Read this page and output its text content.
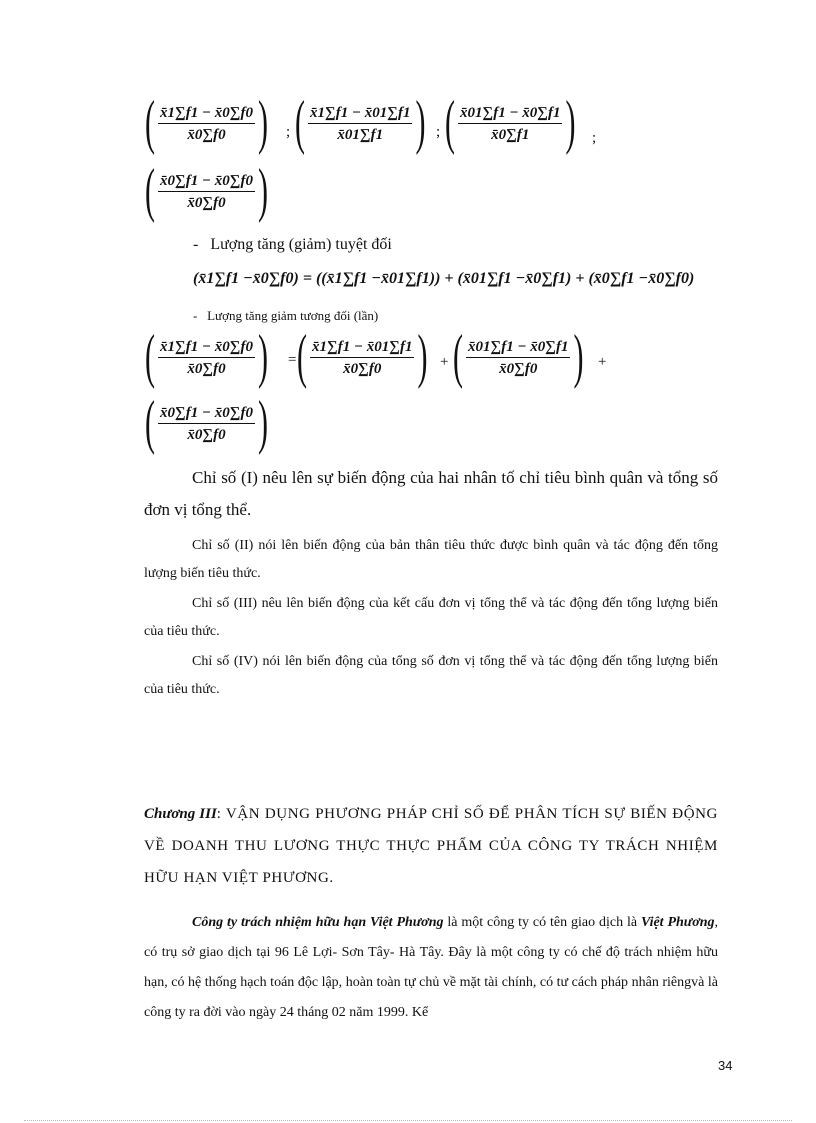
( $\frac{x̄1\sum f1 - x̄0\sum f0}{x̄0\sum f0}$ ) ; ( $\frac{x̄1\sum f1 - x̄01\sum f1}{x̄01\sum f1}$ ) ; ( $\frac{x̄01\sum f1 - x̄0\sum f1}{x̄0\sum f1}$ ) ;
( $\frac{x̄0\sum f1 - x̄0\sum f0}{x̄0\sum f0}$ )
-   Lượng tăng (giảm) tuyệt đối
(x̄1∑f1 −x̄0∑f0) = ((x̄1∑f1 −x̄01∑f1)) + (x̄01∑f1 −x̄0∑f1) + (x̄0∑f1 −x̄0∑f0)
-   Lượng tăng giảm tương đối (lần)
( $\frac{x̄1\sum f1 - x̄0\sum f0}{x̄0\sum f0}$ ) = ( $\frac{x̄1\sum f1 - x̄01\sum f1}{x̄0\sum f0}$ ) + ( $\frac{x̄01\sum f1 - x̄0\sum f1}{x̄0\sum f0}$ ) +
( $\frac{x̄0\sum f1 - x̄0\sum f0}{x̄0\sum f0}$ )
Chỉ số (I) nêu lên sự biến động của hai nhân tố chỉ tiêu bình quân và tổng số đơn vị tổng thể.
Chỉ số (II) nói lên biến động của bản thân tiêu thức được bình quân và tác động đến tổng lượng biến tiêu thức.
Chỉ số (III) nêu lên biến động của kết cấu đơn vị tổng thể và tác động đến tổng lượng biến của tiêu thức.
Chỉ số (IV) nói lên biến động của tổng số đơn vị tổng thể và tác động đến tổng lượng biến của tiêu thức.
Chương III: VẬN DỤNG PHƯƠNG PHÁP CHỈ SỐ ĐỂ PHÂN TÍCH SỰ BIẾN ĐỘNG VỀ DOANH THU LƯƠNG THỰC THỰC PHẨM CỦA CÔNG TY TRÁCH NHIỆM HỮU HẠN VIỆT PHƯƠNG.
Công ty trách nhiệm hữu hạn Việt Phương là một công ty có tên giao dịch là Việt Phương, có trụ sở giao dịch tại 96 Lê Lợi- Sơn Tây- Hà Tây. Đây là một công ty có chế độ trách nhiệm hữu hạn, có hệ thống hạch toán độc lập, hoàn toàn tự chủ về mặt tài chính, có tư cách pháp nhân riêngvà là công ty ra đời vào ngày 24 tháng 02 năm 1999. Kể
34
